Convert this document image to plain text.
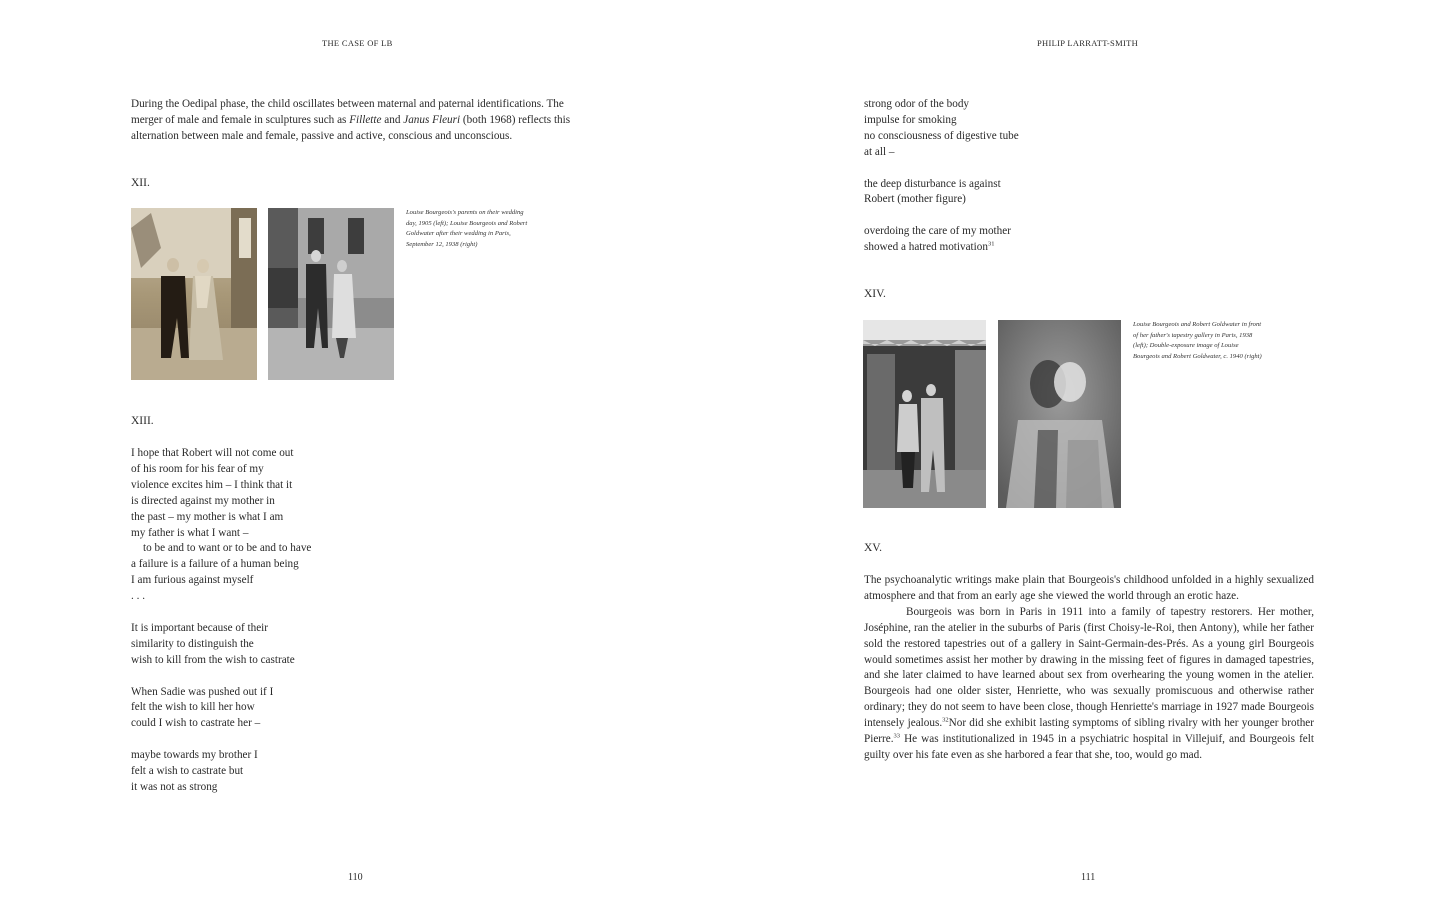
THE CASE OF LB
During the Oedipal phase, the child oscillates between maternal and paternal identifications. The merger of male and female in sculptures such as Fillette and Janus Fleuri (both 1968) reflects this alternation between male and female, passive and active, conscious and unconscious.
XII.
Louise Bourgeois's parents on their wedding day, 1905 (left); Louise Bourgeois and Robert Goldwater after their wedding in Paris, September 12, 1938 (right)
XIII.
I hope that Robert will not come out
of his room for his fear of my
violence excites him – I think that it
is directed against my mother in
the past – my mother is what I am
my father is what I want –
to be and to want or to be and to have
a failure is a failure of a human being
I am furious against myself
. . .
It is important because of their
similarity to distinguish the
wish to kill from the wish to castrate
When Sadie was pushed out if I
felt the wish to kill her how
could I wish to castrate her –
maybe towards my brother I
felt a wish to castrate but
it was not as strong
110
PHILIP LARRATT-SMITH
strong odor of the body
impulse for smoking
no consciousness of digestive tube
at all –
the deep disturbance is against
Robert (mother figure)
overdoing the care of my mother
showed a hatred motivation$^{31}$
XIV.
Louise Bourgeois and Robert Goldwater in front of her father's tapestry gallery in Paris, 1938 (left); Double-exposure image of Louise Bourgeois and Robert Goldwater, c. 1940 (right)
XV.
The psychoanalytic writings make plain that Bourgeois's childhood unfolded in a highly sexualized atmosphere and that from an early age she viewed the world through an erotic haze.
Bourgeois was born in Paris in 1911 into a family of tapestry restorers. Her mother, Joséphine, ran the atelier in the suburbs of Paris (first Choisy-le-Roi, then Antony), while her father sold the restored tapestries out of a gallery in Saint-Germain-des-Prés. As a young girl Bourgeois would sometimes assist her mother by drawing in the missing feet of figures in damaged tapestries, and she later claimed to have learned about sex from overhearing the young women in the atelier. Bourgeois had one older sister, Henriette, who was sexually promiscuous and otherwise rather ordinary; they do not seem to have been close, though Henriette's marriage in 1927 made Bourgeois intensely jealous.$^{32}$Nor did she exhibit lasting symptoms of sibling rivalry with her younger brother Pierre.$^{33}$ He was institutionalized in 1945 in a psychiatric hospital in Villejuif, and Bourgeois felt guilty over his fate even as she harbored a fear that she, too, would go mad.
111
